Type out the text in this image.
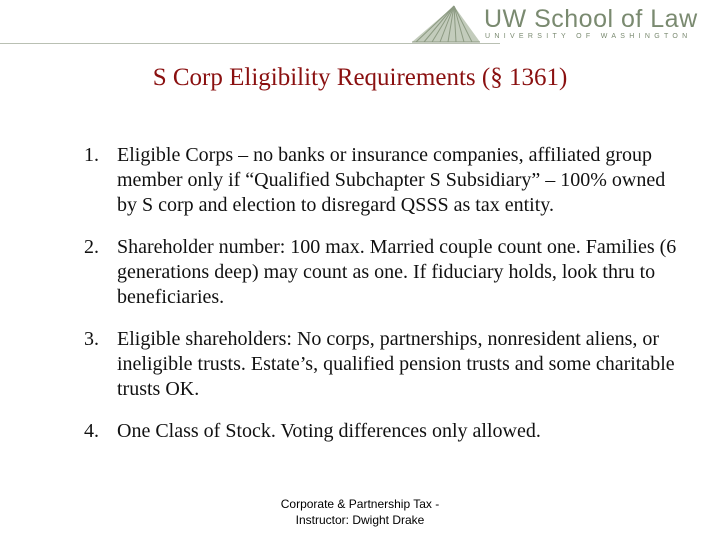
UW School of Law
UNIVERSITY OF WASHINGTON
S Corp Eligibility Requirements (§ 1361)
1. Eligible Corps – no banks or insurance companies, affiliated group member only if “Qualified Subchapter S Subsidiary” – 100% owned by S corp and election to disregard QSSS as tax entity.
2. Shareholder number: 100 max. Married couple count one. Families (6 generations deep) may count as one. If fiduciary holds, look thru to beneficiaries.
3. Eligible shareholders: No corps, partnerships, nonresident aliens, or ineligible trusts. Estate’s, qualified pension trusts and some charitable trusts OK.
4. One Class of Stock. Voting differences only allowed.
Corporate & Partnership Tax -
Instructor: Dwight Drake
